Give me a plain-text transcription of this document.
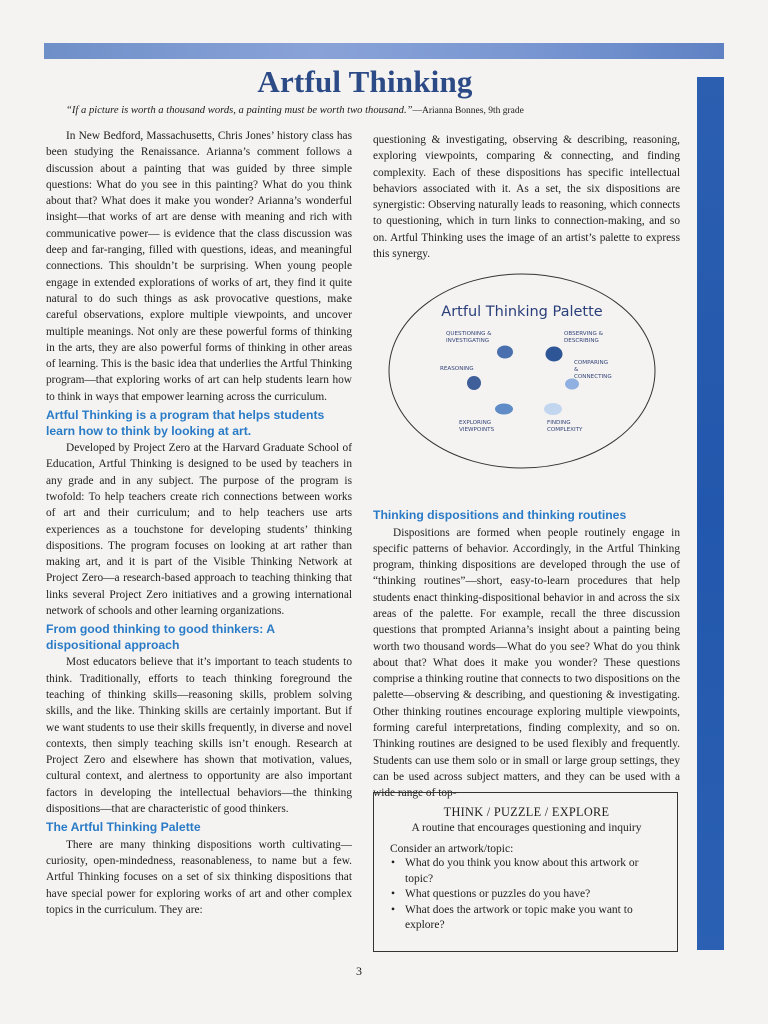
Artful Thinking
“If a picture is worth a thousand words, a painting must be worth two thousand.”—Arianna Bonnes, 9th grade

In New Bedford, Massachusetts, Chris Jones’ history class has been studying the Renaissance. Arianna’s comment follows a discussion about a painting that was guided by three simple questions: What do you see in this painting? What do you think about that? What does it make you wonder? Arianna’s wonderful insight—that works of art are dense with meaning and rich with communicative power— is evidence that the class discussion was deep and far-ranging, filled with questions, ideas, and meaningful connections. This shouldn’t be surprising. When young people engage in extended explorations of works of art, they find it quite natural to do such things as ask provocative questions, make careful observations, explore multiple viewpoints, and uncover multiple meanings. Not only are these powerful forms of thinking in the arts, they are also powerful forms of thinking in other areas of learning. This is the basic idea that underlies the Artful Thinking program—that exploring works of art can help students learn how to think in ways that empower learning across the curriculum.

Artful Thinking is a program that helps students learn how to think by looking at art.

Developed by Project Zero at the Harvard Graduate School of Education, Artful Thinking is designed to be used by teachers in any grade and in any subject. The purpose of the program is twofold: To help teachers create rich connections between works of art and their curriculum; and to help teachers use arts experiences as a touchstone for developing students’ thinking dispositions. The program focuses on looking at art rather than making art, and it is part of the Visible Thinking Network at Project Zero—a research-based approach to teaching thinking that links several Project Zero initiatives and a growing international network of schools and other learning organizations.

From good thinking to good thinkers: A dispositional approach

Most educators believe that it’s important to teach students to think. Traditionally, efforts to teach thinking foreground the teaching of thinking skills—reasoning skills, problem solving skills, and the like. Thinking skills are certainly important. But if we want students to use their skills frequently, in diverse and novel contexts, then simply teaching skills isn’t enough. Research at Project Zero and elsewhere has shown that motivation, values, cultural context, and alertness to opportunity are also important factors in developing the intellectual behaviors—the thinking dispositions—that are characteristic of good thinkers.

The Artful Thinking Palette

There are many thinking dispositions worth cultivating—curiosity, open-mindedness, reasonableness, to name but a few. Artful Thinking focuses on a set of six thinking dispositions that have special power for exploring works of art and other complex topics in the curriculum. They are:

questioning & investigating, observing & describing, reasoning, exploring viewpoints, comparing & connecting, and finding complexity. Each of these dispositions has specific intellectual behaviors associated with it. As a set, the six dispositions are synergistic: Observing naturally leads to reasoning, which connects to questioning, which in turn links to connection-making, and so on. Artful Thinking uses the image of an artist’s palette to express this synergy.

Artful Thinking Palette
QUESTIONING & INVESTIGATING
OBSERVING & DESCRIBING
COMPARING & CONNECTING
REASONING
EXPLORING VIEWPOINTS
FINDING COMPLEXITY
Thinking dispositions and thinking routines

Dispositions are formed when people routinely engage in specific patterns of behavior. Accordingly, in the Artful Thinking program, thinking dispositions are developed through the use of “thinking routines”—short, easy-to-learn procedures that help students enact thinking-dispositional behavior in and across the six areas of the palette. For example, recall the three discussion questions that prompted Arianna’s insight about a painting being worth two thousand words—What do you see? What do you think about that? What does it make you wonder? These questions comprise a thinking routine that connects to two dispositions on the palette—observing & describing, and questioning & investigating. Other thinking routines encourage exploring multiple viewpoints, forming careful interpretations, finding complexity, and so on. Thinking routines are designed to be used flexibly and frequently. Students can use them solo or in small or large group settings, they can be used across subject matters, and they can be used with a wide range of top-

THINK / PUZZLE / EXPLORE
A routine that encourages questioning and inquiry
Consider an artwork/topic:
• What do you think you know about this artwork or topic?
• What questions or puzzles do you have?
• What does the artwork or topic make you want to explore?
3
